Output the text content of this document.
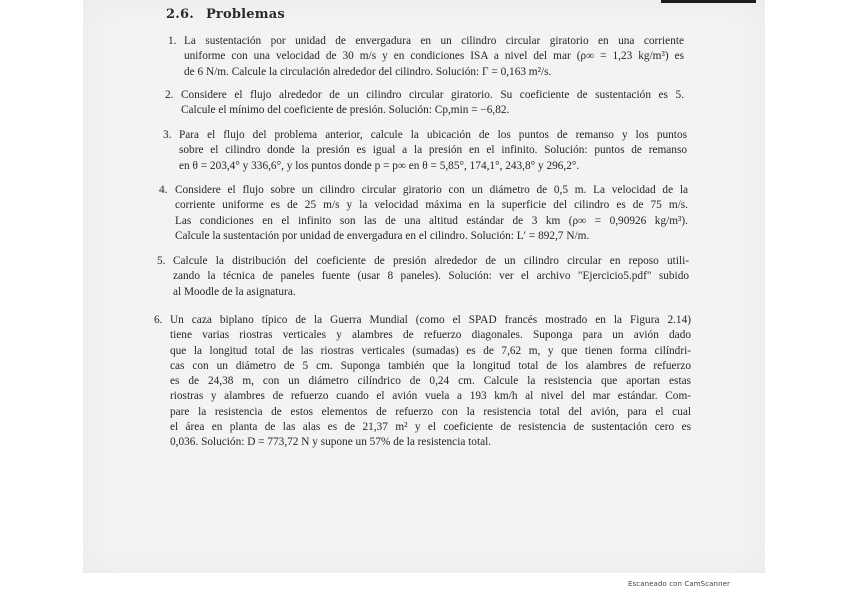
2.6. Problemas
1. La sustentación por unidad de envergadura en un cilindro circular giratorio en una corriente
uniforme con una velocidad de 30 m/s y en condiciones ISA a nivel del mar (ρ∞ = 1,23 kg/m³) es
de 6 N/m. Calcule la circulación alrededor del cilindro. Solución: Γ = 0,163 m²/s.
2. Considere el flujo alrededor de un cilindro circular giratorio. Su coeficiente de sustentación es 5.
Calcule el mínimo del coeficiente de presión. Solución: Cp,min = −6,82.
3. Para el flujo del problema anterior, calcule la ubicación de los puntos de remanso y los puntos
sobre el cilindro donde la presión es igual a la presión en el infinito. Solución: puntos de remanso
en θ = 203,4° y 336,6°, y los puntos donde p = p∞ en θ = 5,85°, 174,1°, 243,8° y 296,2°.
4. Considere el flujo sobre un cilindro circular giratorio con un diámetro de 0,5 m. La velocidad de la
corriente uniforme es de 25 m/s y la velocidad máxima en la superficie del cilindro es de 75 m/s.
Las condiciones en el infinito son las de una altitud estándar de 3 km (ρ∞ = 0,90926 kg/m³).
Calcule la sustentación por unidad de envergadura en el cilindro. Solución: L′ = 892,7 N/m.
5. Calcule la distribución del coeficiente de presión alrededor de un cilindro circular en reposo utili-
zando la técnica de paneles fuente (usar 8 paneles). Solución: ver el archivo "Ejercicio5.pdf" subido
al Moodle de la asignatura.
6. Un caza biplano típico de la Guerra Mundial (como el SPAD francés mostrado en la Figura 2.14)
tiene varias riostras verticales y alambres de refuerzo diagonales. Suponga para un avión dado
que la longitud total de las riostras verticales (sumadas) es de 7,62 m, y que tienen forma cilíndri-
cas con un diámetro de 5 cm. Suponga también que la longitud total de los alambres de refuerzo
es de 24,38 m, con un diámetro cilíndrico de 0,24 cm. Calcule la resistencia que aportan estas
riostras y alambres de refuerzo cuando el avión vuela a 193 km/h al nivel del mar estándar. Com-
pare la resistencia de estos elementos de refuerzo con la resistencia total del avión, para el cual
el área en planta de las alas es de 21,37 m² y el coeficiente de resistencia de sustentación cero es
0,036. Solución: D = 773,72 N y supone un 57% de la resistencia total.
Escaneado con CamScanner
